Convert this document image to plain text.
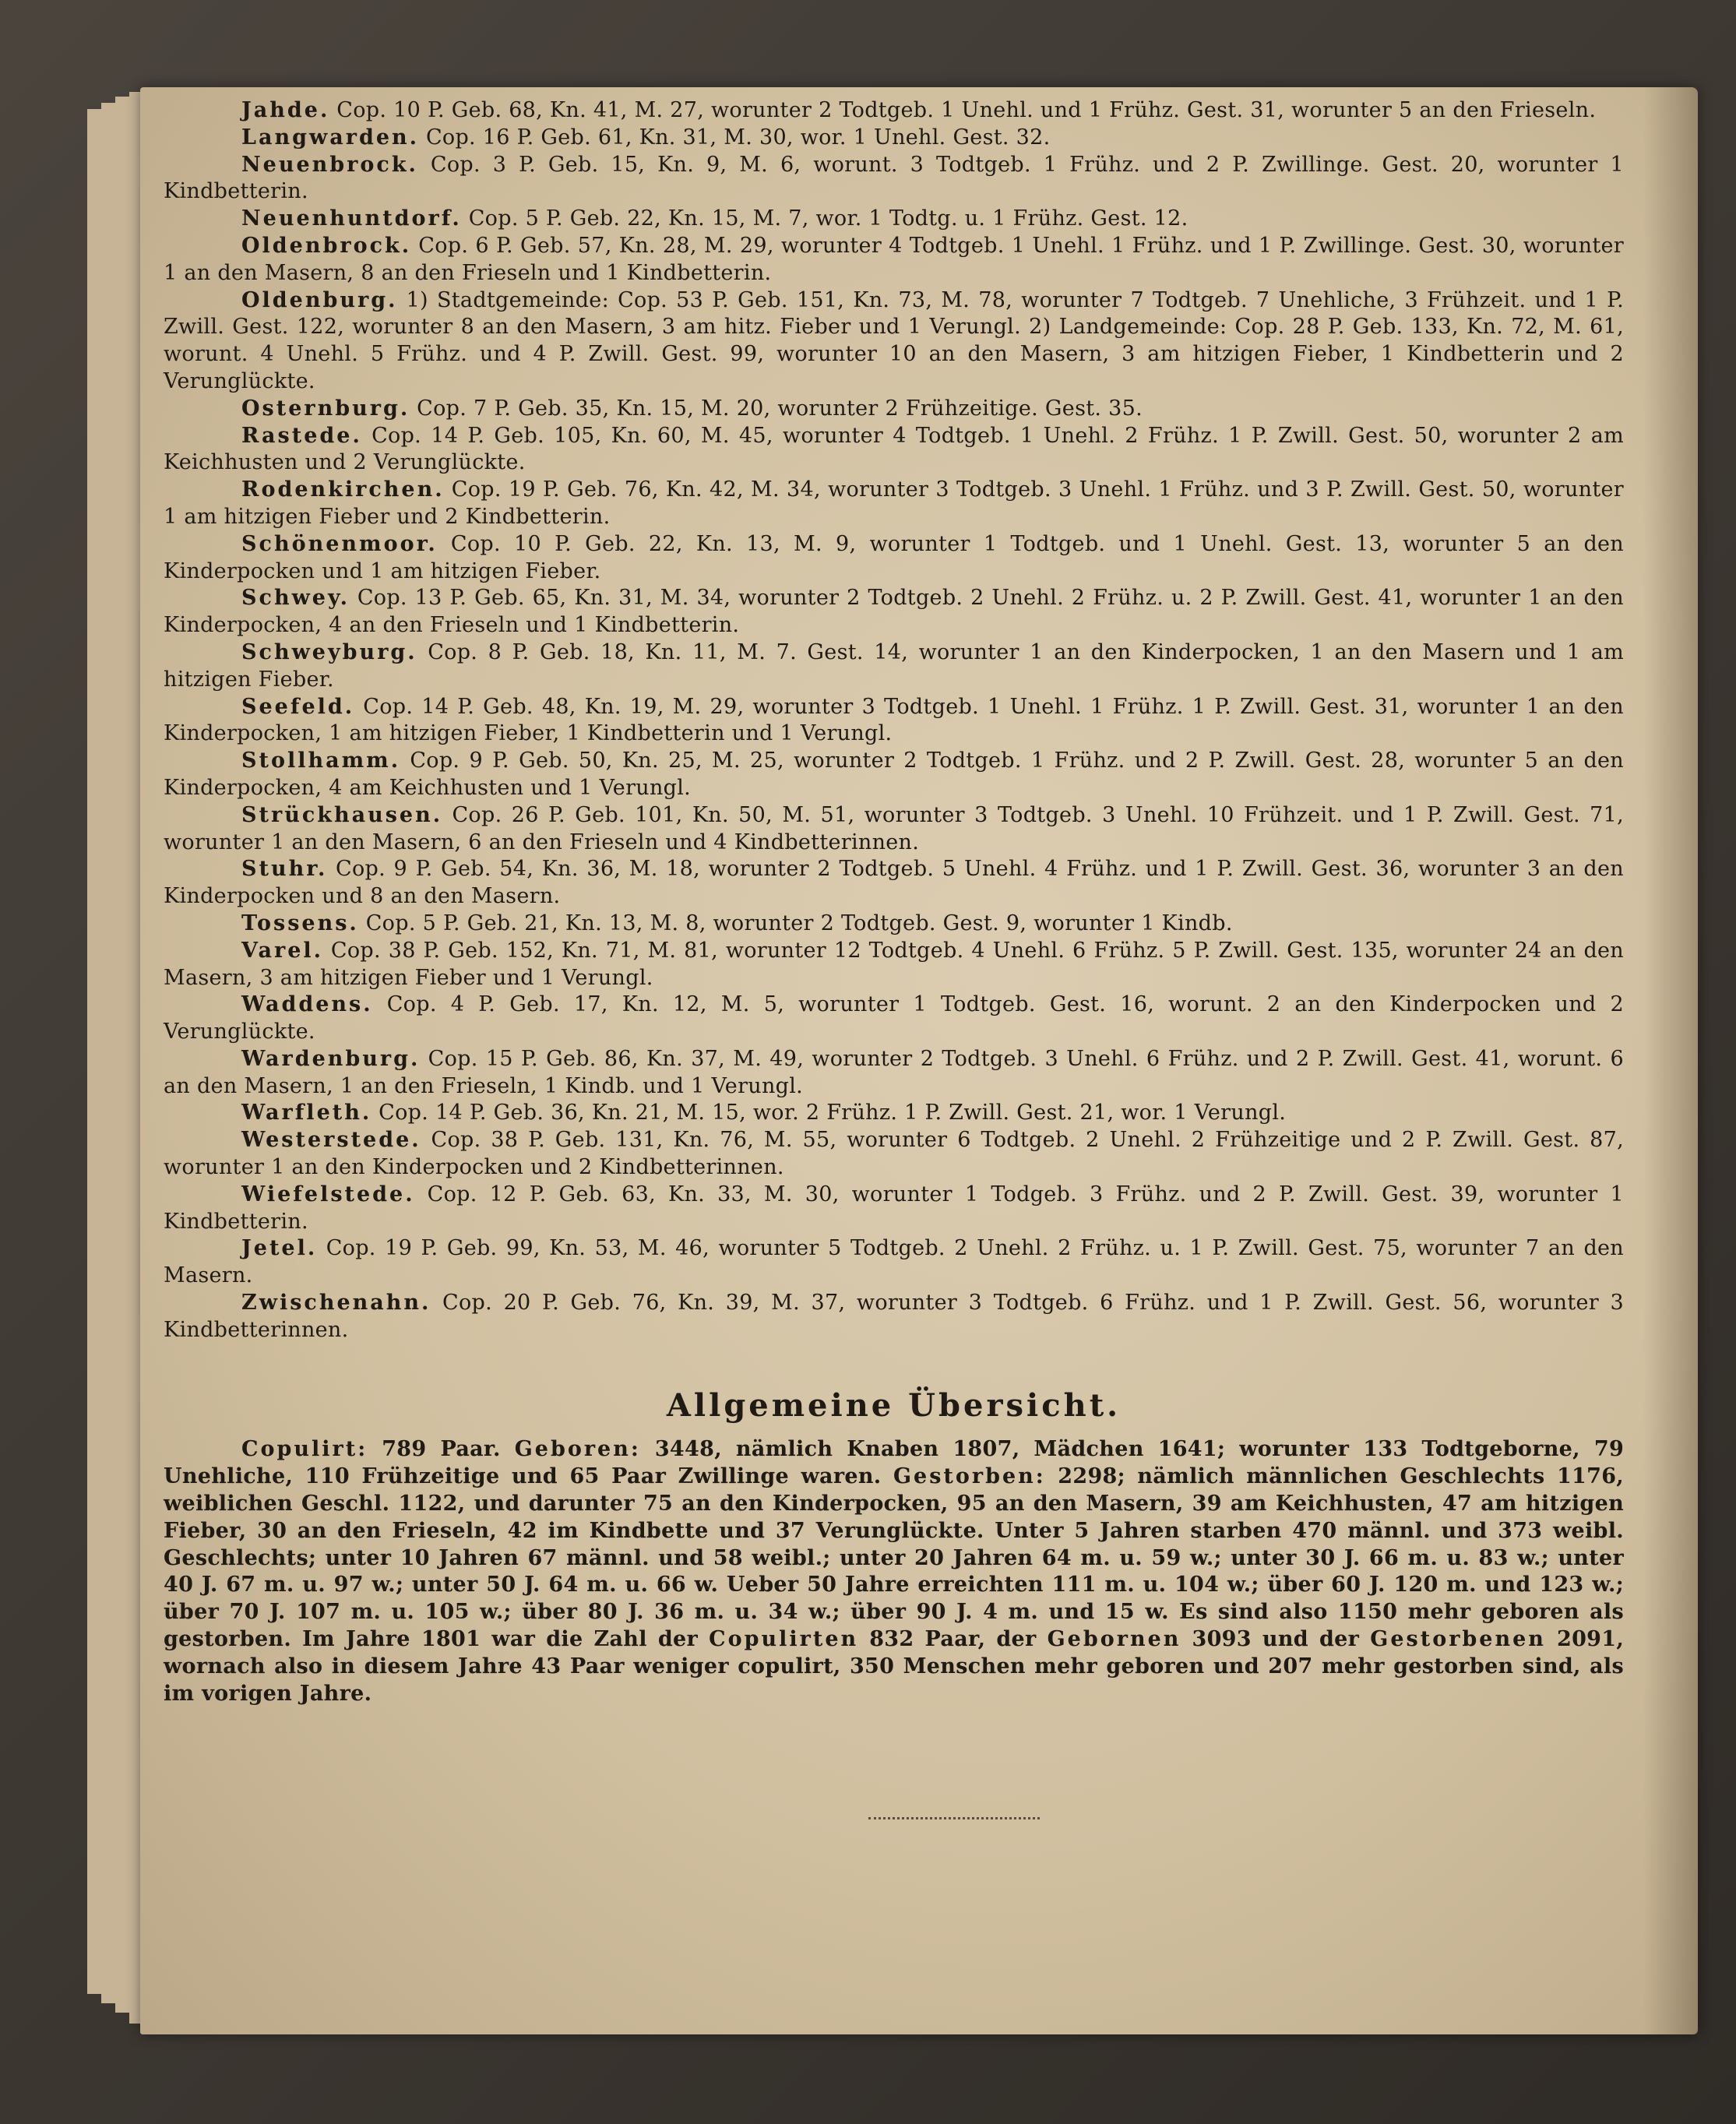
Jahde. Cop. 10 P. Geb. 68, Kn. 41, M. 27, worunter 2 Todtgeb. 1 Unehl. und 1 Frühz. Gest. 31, worunter 5 an den Frieseln.

Langwarden. Cop. 16 P. Geb. 61, Kn. 31, M. 30, wor. 1 Unehl. Gest. 32.

Neuenbrock. Cop. 3 P. Geb. 15, Kn. 9, M. 6, worunt. 3 Todtgeb. 1 Frühz. und 2 P. Zwillinge. Gest. 20, worunter 1 Kindbetterin.

Neuenhuntdorf. Cop. 5 P. Geb. 22, Kn. 15, M. 7, wor. 1 Todtg. u. 1 Frühz. Gest. 12.

Oldenbrock. Cop. 6 P. Geb. 57, Kn. 28, M. 29, worunter 4 Todtgeb. 1 Unehl. 1 Frühz. und 1 P. Zwillinge. Gest. 30, worunter 1 an den Masern, 8 an den Frieseln und 1 Kindbetterin.

Oldenburg. 1) Stadtgemeinde: Cop. 53 P. Geb. 151, Kn. 73, M. 78, worunter 7 Todtgeb. 7 Unehliche, 3 Frühzeit. und 1 P. Zwill. Gest. 122, worunter 8 an den Masern, 3 am hitz. Fieber und 1 Verungl. 2) Landgemeinde: Cop. 28 P. Geb. 133, Kn. 72, M. 61, worunt. 4 Unehl. 5 Frühz. und 4 P. Zwill. Gest. 99, worunter 10 an den Masern, 3 am hitzigen Fieber, 1 Kindbetterin und 2 Verunglückte.

Osternburg. Cop. 7 P. Geb. 35, Kn. 15, M. 20, worunter 2 Frühzeitige. Gest. 35.

Rastede. Cop. 14 P. Geb. 105, Kn. 60, M. 45, worunter 4 Todtgeb. 1 Unehl. 2 Frühz. 1 P. Zwill. Gest. 50, worunter 2 am Keichhusten und 2 Verunglückte.

Rodenkirchen. Cop. 19 P. Geb. 76, Kn. 42, M. 34, worunter 3 Todtgeb. 3 Unehl. 1 Frühz. und 3 P. Zwill. Gest. 50, worunter 1 am hitzigen Fieber und 2 Kindbetterin.

Schönenmoor. Cop. 10 P. Geb. 22, Kn. 13, M. 9, worunter 1 Todtgeb. und 1 Unehl. Gest. 13, worunter 5 an den Kinderpocken und 1 am hitzigen Fieber.

Schwey. Cop. 13 P. Geb. 65, Kn. 31, M. 34, worunter 2 Todtgeb. 2 Unehl. 2 Frühz. u. 2 P. Zwill. Gest. 41, worunter 1 an den Kinderpocken, 4 an den Frieseln und 1 Kindbetterin.

Schweyburg. Cop. 8 P. Geb. 18, Kn. 11, M. 7. Gest. 14, worunter 1 an den Kinderpocken, 1 an den Masern und 1 am hitzigen Fieber.

Seefeld. Cop. 14 P. Geb. 48, Kn. 19, M. 29, worunter 3 Todtgeb. 1 Unehl. 1 Frühz. 1 P. Zwill. Gest. 31, worunter 1 an den Kinderpocken, 1 am hitzigen Fieber, 1 Kindbetterin und 1 Verungl.

Stollhamm. Cop. 9 P. Geb. 50, Kn. 25, M. 25, worunter 2 Todtgeb. 1 Frühz. und 2 P. Zwill. Gest. 28, worunter 5 an den Kinderpocken, 4 am Keichhusten und 1 Verungl.

Strückhausen. Cop. 26 P. Geb. 101, Kn. 50, M. 51, worunter 3 Todtgeb. 3 Unehl. 10 Frühzeit. und 1 P. Zwill. Gest. 71, worunter 1 an den Masern, 6 an den Frieseln und 4 Kindbetterinnen.

Stuhr. Cop. 9 P. Geb. 54, Kn. 36, M. 18, worunter 2 Todtgeb. 5 Unehl. 4 Frühz. und 1 P. Zwill. Gest. 36, worunter 3 an den Kinderpocken und 8 an den Masern.

Tossens. Cop. 5 P. Geb. 21, Kn. 13, M. 8, worunter 2 Todtgeb. Gest. 9, worunter 1 Kindb.

Varel. Cop. 38 P. Geb. 152, Kn. 71, M. 81, worunter 12 Todtgeb. 4 Unehl. 6 Frühz. 5 P. Zwill. Gest. 135, worunter 24 an den Masern, 3 am hitzigen Fieber und 1 Verungl.

Waddens. Cop. 4 P. Geb. 17, Kn. 12, M. 5, worunter 1 Todtgeb. Gest. 16, worunt. 2 an den Kinderpocken und 2 Verunglückte.

Wardenburg. Cop. 15 P. Geb. 86, Kn. 37, M. 49, worunter 2 Todtgeb. 3 Unehl. 6 Frühz. und 2 P. Zwill. Gest. 41, worunt. 6 an den Masern, 1 an den Frieseln, 1 Kindb. und 1 Verungl.

Warfleth. Cop. 14 P. Geb. 36, Kn. 21, M. 15, wor. 2 Frühz. 1 P. Zwill. Gest. 21, wor. 1 Verungl.

Westerstede. Cop. 38 P. Geb. 131, Kn. 76, M. 55, worunter 6 Todtgeb. 2 Unehl. 2 Frühzeitige und 2 P. Zwill. Gest. 87, worunter 1 an den Kinderpocken und 2 Kindbetterinnen.

Wiefelstede. Cop. 12 P. Geb. 63, Kn. 33, M. 30, worunter 1 Todgeb. 3 Frühz. und 2 P. Zwill. Gest. 39, worunter 1 Kindbetterin.

Jetel. Cop. 19 P. Geb. 99, Kn. 53, M. 46, worunter 5 Todtgeb. 2 Unehl. 2 Frühz. u. 1 P. Zwill. Gest. 75, worunter 7 an den Masern.

Zwischenahn. Cop. 20 P. Geb. 76, Kn. 39, M. 37, worunter 3 Todtgeb. 6 Frühz. und 1 P. Zwill. Gest. 56, worunter 3 Kindbetterinnen.

Allgemeine Übersicht.

Copulirt: 789 Paar. Geboren: 3448, nämlich Knaben 1807, Mädchen 1641; worunter 133 Todtgeborne, 79 Unehliche, 110 Frühzeitige und 65 Paar Zwillinge waren. Gestorben: 2298; nämlich männlichen Geschlechts 1176, weiblichen Geschl. 1122, und darunter 75 an den Kinderpocken, 95 an den Masern, 39 am Keichhusten, 47 am hitzigen Fieber, 30 an den Frieseln, 42 im Kindbette und 37 Verunglückte. Unter 5 Jahren starben 470 männl. und 373 weibl. Geschlechts; unter 10 Jahren 67 männl. und 58 weibl.; unter 20 Jahren 64 m. u. 59 w.; unter 30 J. 66 m. u. 83 w.; unter 40 J. 67 m. u. 97 w.; unter 50 J. 64 m. u. 66 w. Ueber 50 Jahre erreichten 111 m. u. 104 w.; über 60 J. 120 m. und 123 w.; über 70 J. 107 m. u. 105 w.; über 80 J. 36 m. u. 34 w.; über 90 J. 4 m. und 15 w. Es sind also 1150 mehr geboren als gestorben. Im Jahre 1801 war die Zahl der Copulirten 832 Paar, der Gebornen 3093 und der Gestorbenen 2091, wornach also in diesem Jahre 43 Paar weniger copulirt, 350 Menschen mehr geboren und 207 mehr gestorben sind, als im vorigen Jahre.
